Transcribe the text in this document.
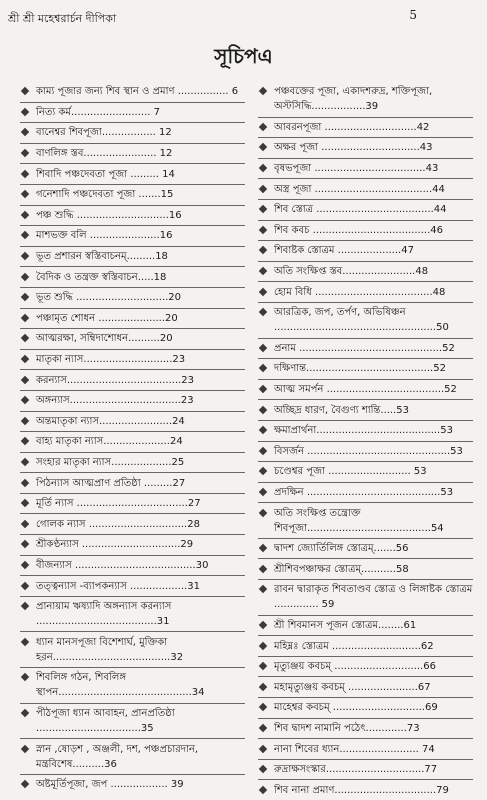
শ্রী শ্রী মহেশ্বরার্চন দীপিকা	5
সূচিপএ
কাম্য পূজার জন্য শিব স্থান ও প্রমাণ ................ 6
নিত্য কর্ম......................... 7
বানেশ্বর শিবপূজা................. 12
বাণলিঙ্গ স্তব....................... 12
শিবাদি পঞ্চদেবতা পূজা ......... 14
গনেশাদি পঞ্চদেবতা পূজা .......15
পঞ্চ শুদ্ধি .............................16
মাশভক্ত বলি ......................16
ভূত প্রশারন স্বস্তিবাচনম্‌.........18
বৈদিক ও তন্ত্রক্ত স্বস্তিবাচন.....18
ভূত শুদ্ধি .............................20
পঞ্চামৃত শোধন .....................20
আত্মরক্ষা, সম্বিদাশোধন..........20
মাতৃকা ন্যাস............................23
করন্যাস....................................23
অঙ্গন্যাস...................................23
অন্তমাতৃকা ন্যাস.......................24
বাহ্য মাতৃকা ন্যাস.....................24
সংহার মাতৃকা ন্যাস...................25
পিঠন্যাস আত্মপ্রাণ প্রতিষ্ঠা .........27
মূর্তি ন্যাস ...................................27
গোলক ন্যাস ...............................28
শ্রীকণ্ঠন্যাস ...............................29
বীজন্যাস ......................................30
তত্ত্বন্যাস -ব্যাপকন্যাস ..................31
প্রানায়াম ঋষ্যাদি অঙ্গন্যাস করন্যাস ......................................31
ধ্যান মানসপূজা বিশেশার্ঘ, মুক্তিকা হরন.....................................32
শিবলিঙ্গ গঠন, শিবলিঙ্গ স্থাপন..........................................34
পীঠপূজা ধ্যান আবাহন, প্রানপ্রতিষ্ঠা .................................35
স্নান ,ষোড়শ , অঞ্জলী, দশ, পঞ্চপ্রচারদান, মন্ত্রবিশেষ..........36
অষ্টমূর্তিপূজা, জপ .................. 39
পঞ্চবক্তের পূজা, একাদশরুদ্র, শক্তিপূজা, অস্টসিদ্ধি.................39
আবরনপূজা .............................42
অক্ষর পূজা ...............................43
বৃষভপূজা ...................................43
অস্ত্র পূজা .....................................44
শিব স্তোত্র .....................................44
শিব কবচ .....................................46
শিবাষ্টক স্তোত্রম ....................47
অতি সংক্ষিপ্ত স্তব.......................48
হোম বিধি .....................................48
আরত্রিক, জপ, তর্পণ, অভিষিঞ্চন ...................................................50
প্রনাম .............................................52
দক্ষিণান্ত........................................52
আত্ম সমর্পন .....................................52
অচ্ছিদ্র ধারণ, বৈগুণ্য শান্তি.....53
ক্ষমাপ্রার্থনা.......................................53
বিসর্জন .............................................53
চণ্ডেশ্বর পূজা .......................... 53
প্রদক্ষিন ..........................................53
অতি সংক্ষিপ্ত তন্ত্রোক্ত শিবপূজা.......................................54
দ্বাদশ জ্যোর্তিলিঙ্গ স্তোত্রম্‌.......56
শ্রীশিবপঞ্চাক্ষর স্তোত্রম্‌...........58
রাবন দ্বারাকৃত শিবতাণ্ডব স্তোত্র ও লিঙ্গাষ্টক স্তোত্রম .............. 59
শ্রী শিবমানস পূজন স্তোত্রম........61
মহিম্নঃ স্তোত্রম ............................62
মৃত্যুঞ্জয় কবচম্‌ ............................66
মহামৃত্যুঞ্জয় কবচম্‌ ......................67
মাহেশ্বর কবচম্‌ .............................69
শিব দ্বাদশ নামানি পঠেৎ.............73
নানা শিবের ধ্যান......................... 74
রুদ্রাক্ষসংস্কার...............................77
শিব নানা প্রমাণ................................79
